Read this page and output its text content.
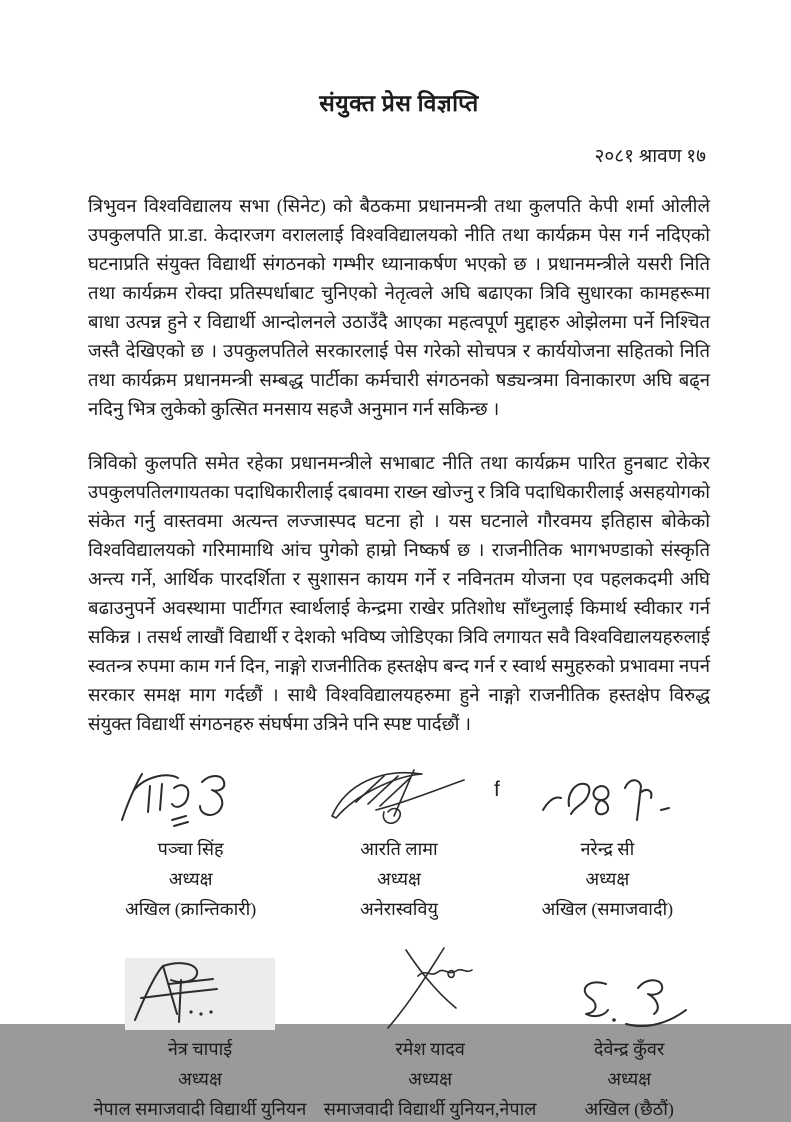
संयुक्त प्रेस विज्ञप्ति
२०८१ श्रावण १७

त्रिभुवन विश्वविद्यालय सभा (सिनेट) को बैठकमा प्रधानमन्त्री तथा कुलपति केपी शर्मा ओलीले उपकुलपति प्रा.डा. केदारजग वराललाई विश्वविद्यालयको नीति तथा कार्यक्रम पेस गर्न नदिएको घटनाप्रति संयुक्त विद्यार्थी संगठनको गम्भीर ध्यानाकर्षण भएको छ । प्रधानमन्त्रीले यसरी निति तथा कार्यक्रम रोक्दा प्रतिस्पर्धाबाट चुनिएको नेतृत्वले अघि बढाएका त्रिवि सुधारका कामहरूमा बाधा उत्पन्न हुने र विद्यार्थी आन्दोलनले उठाउँदै आएका महत्वपूर्ण मुद्दाहरु ओझेलमा पर्ने निश्चित जस्तै देखिएको छ । उपकुलपतिले सरकारलाई पेस गरेको सोचपत्र र कार्ययोजना सहितको निति तथा कार्यक्रम प्रधानमन्त्री सम्बद्ध पार्टीका कर्मचारी संगठनको षड्यन्त्रमा विनाकारण अघि बढ्न नदिनु भित्र लुकेको कुत्सित मनसाय सहजै अनुमान गर्न सकिन्छ ।

त्रिविको कुलपति समेत रहेका प्रधानमन्त्रीले सभाबाट नीति तथा कार्यक्रम पारित हुनबाट रोकेर उपकुलपतिलगायतका पदाधिकारीलाई दबावमा राख्न खोज्नु र त्रिवि पदाधिकारीलाई असहयोगको संकेत गर्नु वास्तवमा अत्यन्त लज्जास्पद घटना हो । यस घटनाले गौरवमय इतिहास बोकेको विश्वविद्यालयको गरिमामाथि आंच पुगेको हाम्रो निष्कर्ष छ । राजनीतिक भागभण्डाको संस्कृति अन्त्य गर्ने, आर्थिक पारदर्शिता र सुशासन कायम गर्ने र नविनतम योजना एव पहलकदमी अघि बढाउनुपर्ने अवस्थामा पार्टीगत स्वार्थलाई केन्द्रमा राखेर प्रतिशोध साँध्नुलाई किमार्थ स्वीकार गर्न सकिन्न । तसर्थ लाखौं विद्यार्थी र देशको भविष्य जोडिएका त्रिवि लगायत सवै विश्वविद्यालयहरुलाई स्वतन्त्र रुपमा काम गर्न दिन, नाङ्गो राजनीतिक हस्तक्षेप बन्द गर्न र स्वार्थ समुहरुको प्रभावमा नपर्न सरकार समक्ष माग गर्दछौं । साथै विश्वविद्यालयहरुमा हुने नाङ्गो राजनीतिक हस्तक्षेप विरुद्ध संयुक्त विद्यार्थी संगठनहरु संघर्षमा उत्रिने पनि स्पष्ट पार्दछौं ।

पञ्चा सिंह
अध्यक्ष
अखिल (क्रान्तिकारी)
आरति लामा
अध्यक्ष
अनेरास्ववियु
नरेन्द्र सी
अध्यक्ष
अखिल (समाजवादी)
नेत्र चापाई
अध्यक्ष
नेपाल समाजवादी विद्यार्थी युनियन
रमेश यादव
अध्यक्ष
समाजवादी विद्यार्थी युनियन,नेपाल
देवेन्द्र कुँवर
अध्यक्ष
अखिल (छैठौं)
f
